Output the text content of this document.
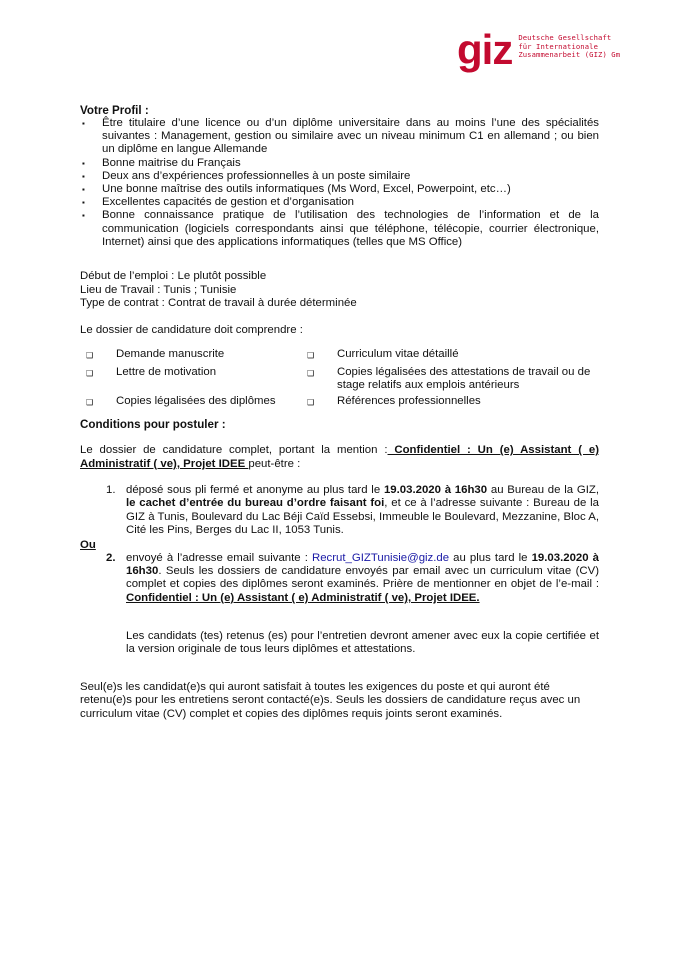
giz Deutsche Gesellschaft
für Internationale
Zusammenarbeit (GIZ) Gm

Votre Profil :

▪ Être titulaire d’une licence ou d’un diplôme universitaire dans au moins l’une des spécialités suivantes : Management, gestion ou similaire avec un niveau minimum C1 en allemand ; ou bien un diplôme en langue Allemande
▪ Bonne maitrise du Français
▪ Deux ans d’expériences professionnelles à un poste similaire
▪ Une bonne maîtrise des outils informatiques (Ms Word, Excel, Powerpoint, etc…)
▪ Excellentes capacités de gestion et d’organisation
▪ Bonne connaissance pratique de l’utilisation des technologies de l’information et de la communication (logiciels correspondants ainsi que téléphone, télécopie, courrier électronique, Internet) ainsi que des applications informatiques (telles que MS Office)

Début de l’emploi : Le plutôt possible

Lieu de Travail : Tunis ; Tunisie

Type de contrat : Contrat de travail à durée déterminée

Le dossier de candidature doit comprendre :

❑	Demande manuscrite	❑	Curriculum vitae détaillé
❑	Lettre de motivation	❑	Copies légalisées des attestations de travail ou de stage relatifs aux emplois antérieurs
❑	Copies légalisées des diplômes	❑	Références professionnelles

Conditions pour postuler :

Le dossier de candidature complet, portant la mention : Confidentiel : Un (e) Assistant ( e) Administratif ( ve), Projet IDEE peut-être :

1. déposé sous pli fermé et anonyme au plus tard le 19.03.2020 à 16h30 au Bureau de la GIZ, le cachet d’entrée du bureau d’ordre faisant foi, et ce à l’adresse suivante : Bureau de la GIZ à Tunis, Boulevard du Lac Béji Caïd Essebsi, Immeuble le Boulevard, Mezzanine, Bloc A, Cité les Pins, Berges du Lac II, 1053 Tunis.
Ou
2. envoyé à l’adresse email suivante : Recrut_GIZTunisie@giz.de au plus tard le 19.03.2020 à 16h30. Seuls les dossiers de candidature envoyés par email avec un curriculum vitae (CV) complet et copies des diplômes seront examinés. Prière de mentionner en objet de l’e-mail : Confidentiel : Un (e) Assistant ( e) Administratif ( ve), Projet IDEE.

Les candidats (tes) retenus (es) pour l’entretien devront amener avec eux la copie certifiée et la version originale de tous leurs diplômes et attestations.

Seul(e)s les candidat(e)s qui auront satisfait à toutes les exigences du poste et qui auront été retenu(e)s pour les entretiens seront contacté(e)s. Seuls les dossiers de candidature reçus avec un curriculum vitae (CV) complet et copies des diplômes requis joints seront examinés.
